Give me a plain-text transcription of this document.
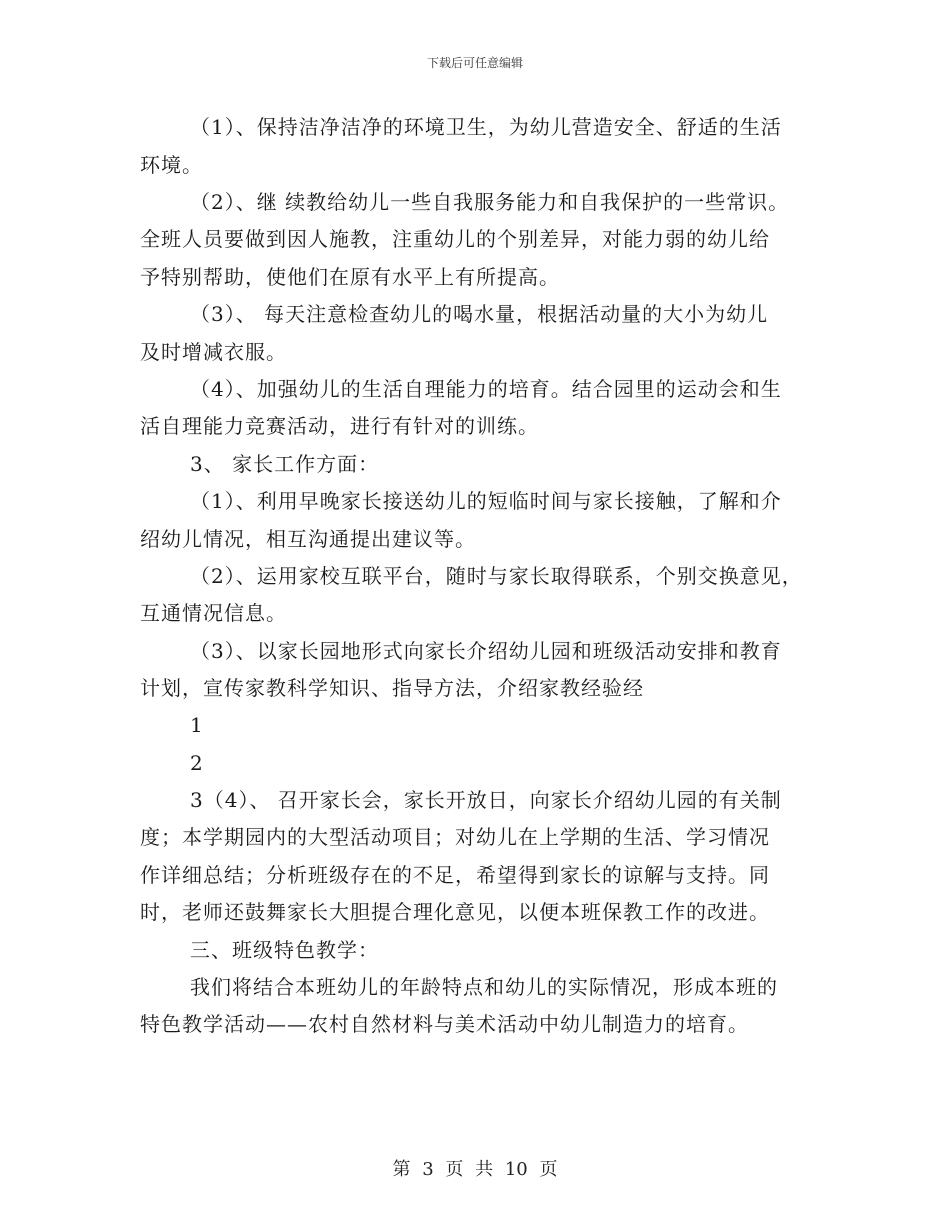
下载后可任意编辑
（1）、保持洁净洁净的环境卫生，为幼儿营造安全、舒适的生活
环境。
（2）、继 续教给幼儿一些自我服务能力和自我保护的一些常识。
全班人员要做到因人施教，注重幼儿的个别差异，对能力弱的幼儿给
予特别帮助，使他们在原有水平上有所提高。
（3）、 每天注意检查幼儿的喝水量，根据活动量的大小为幼儿
及时增减衣服。
（4）、加强幼儿的生活自理能力的培育。结合园里的运动会和生
活自理能力竞赛活动，进行有针对的训练。
3、 家长工作方面：
（1）、利用早晚家长接送幼儿的短临时间与家长接触，了解和介
绍幼儿情况，相互沟通提出建议等。
（2）、运用家校互联平台，随时与家长取得联系，个别交换意见，
互通情况信息。
（3）、以家长园地形式向家长介绍幼儿园和班级活动安排和教育
计划，宣传家教科学知识、指导方法，介绍家教经验经
1
2
3（4）、 召开家长会，家长开放日，向家长介绍幼儿园的有关制
度；本学期园内的大型活动项目；对幼儿在上学期的生活、学习情况
作详细总结；分析班级存在的不足，希望得到家长的谅解与支持。同
时，老师还鼓舞家长大胆提合理化意见，以便本班保教工作的改进。
三、班级特色教学：
我们将结合本班幼儿的年龄特点和幼儿的实际情况，形成本班的
特色教学活动——农村自然材料与美术活动中幼儿制造力的培育。
第 3 页 共 10 页
